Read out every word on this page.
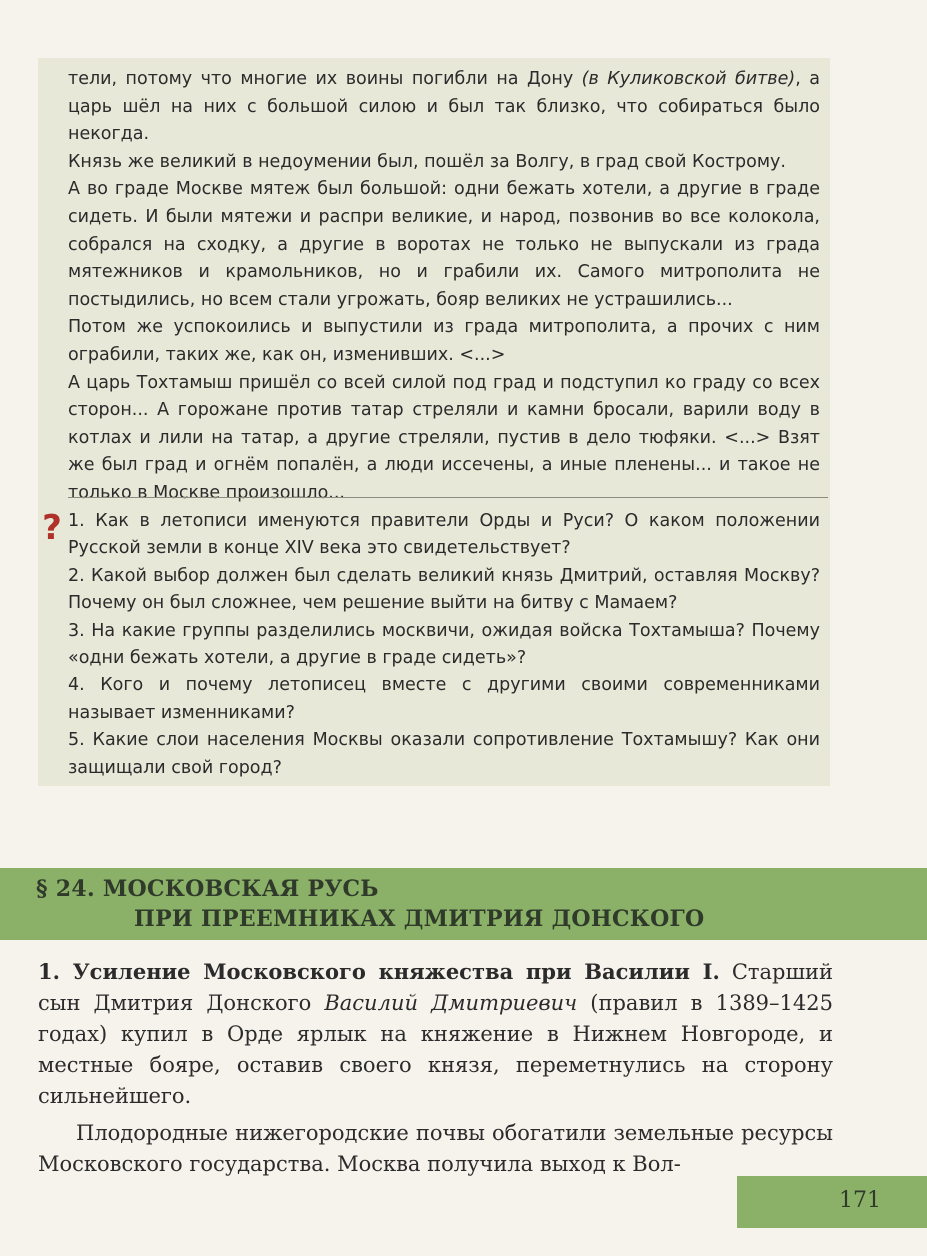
тели, потому что многие их воины погибли на Дону (в Куликовской битве), а царь шёл на них с большой силою и был так близко, что собираться было некогда.

Князь же великий в недоумении был, пошёл за Волгу, в град свой Кострому.

А во граде Москве мятеж был большой: одни бежать хотели, а другие в граде сидеть. И были мятежи и распри великие, и народ, позвонив во все колокола, собрался на сходку, а другие в воротах не только не выпускали из града мятежников и крамольников, но и грабили их. Самого митрополита не постыдились, но всем стали угрожать, бояр великих не устрашились...

Потом же успокоились и выпустили из града митрополита, а прочих с ним ограбили, таких же, как он, изменивших. <...>

А царь Тохтамыш пришёл со всей силой под град и подступил ко граду со всех сторон... А горожане против татар стреляли и камни бросали, варили воду в котлах и лили на татар, а другие стреляли, пустив в дело тюфяки. <...> Взят же был град и огнём попалён, а люди иссечены, а иные пленены... и такое не только в Москве произошло...

? 1. Как в летописи именуются правители Орды и Руси? О каком положении Русской земли в конце XIV века это свидетельствует?

2. Какой выбор должен был сделать великий князь Дмитрий, оставляя Москву? Почему он был сложнее, чем решение выйти на битву с Мамаем?

3. На какие группы разделились москвичи, ожидая войска Тохтамыша? Почему «одни бежать хотели, а другие в граде сидеть»?

4. Кого и почему летописец вместе с другими своими современниками называет изменниками?

5. Какие слои населения Москвы оказали сопротивление Тохтамышу? Как они защищали свой город?

§ 24. МОСКОВСКАЯ РУСЬ
ПРИ ПРЕЕМНИКАХ ДМИТРИЯ ДОНСКОГО

1. Усиление Московского княжества при Василии I. Старший сын Дмитрия Донского Василий Дмитриевич (правил в 1389–1425 годах) купил в Орде ярлык на княжение в Нижнем Новгороде, и местные бояре, оставив своего князя, переметнулись на сторону сильнейшего.

Плодородные нижегородские почвы обогатили земельные ресурсы Московского государства. Москва получила выход к Вол-

171
